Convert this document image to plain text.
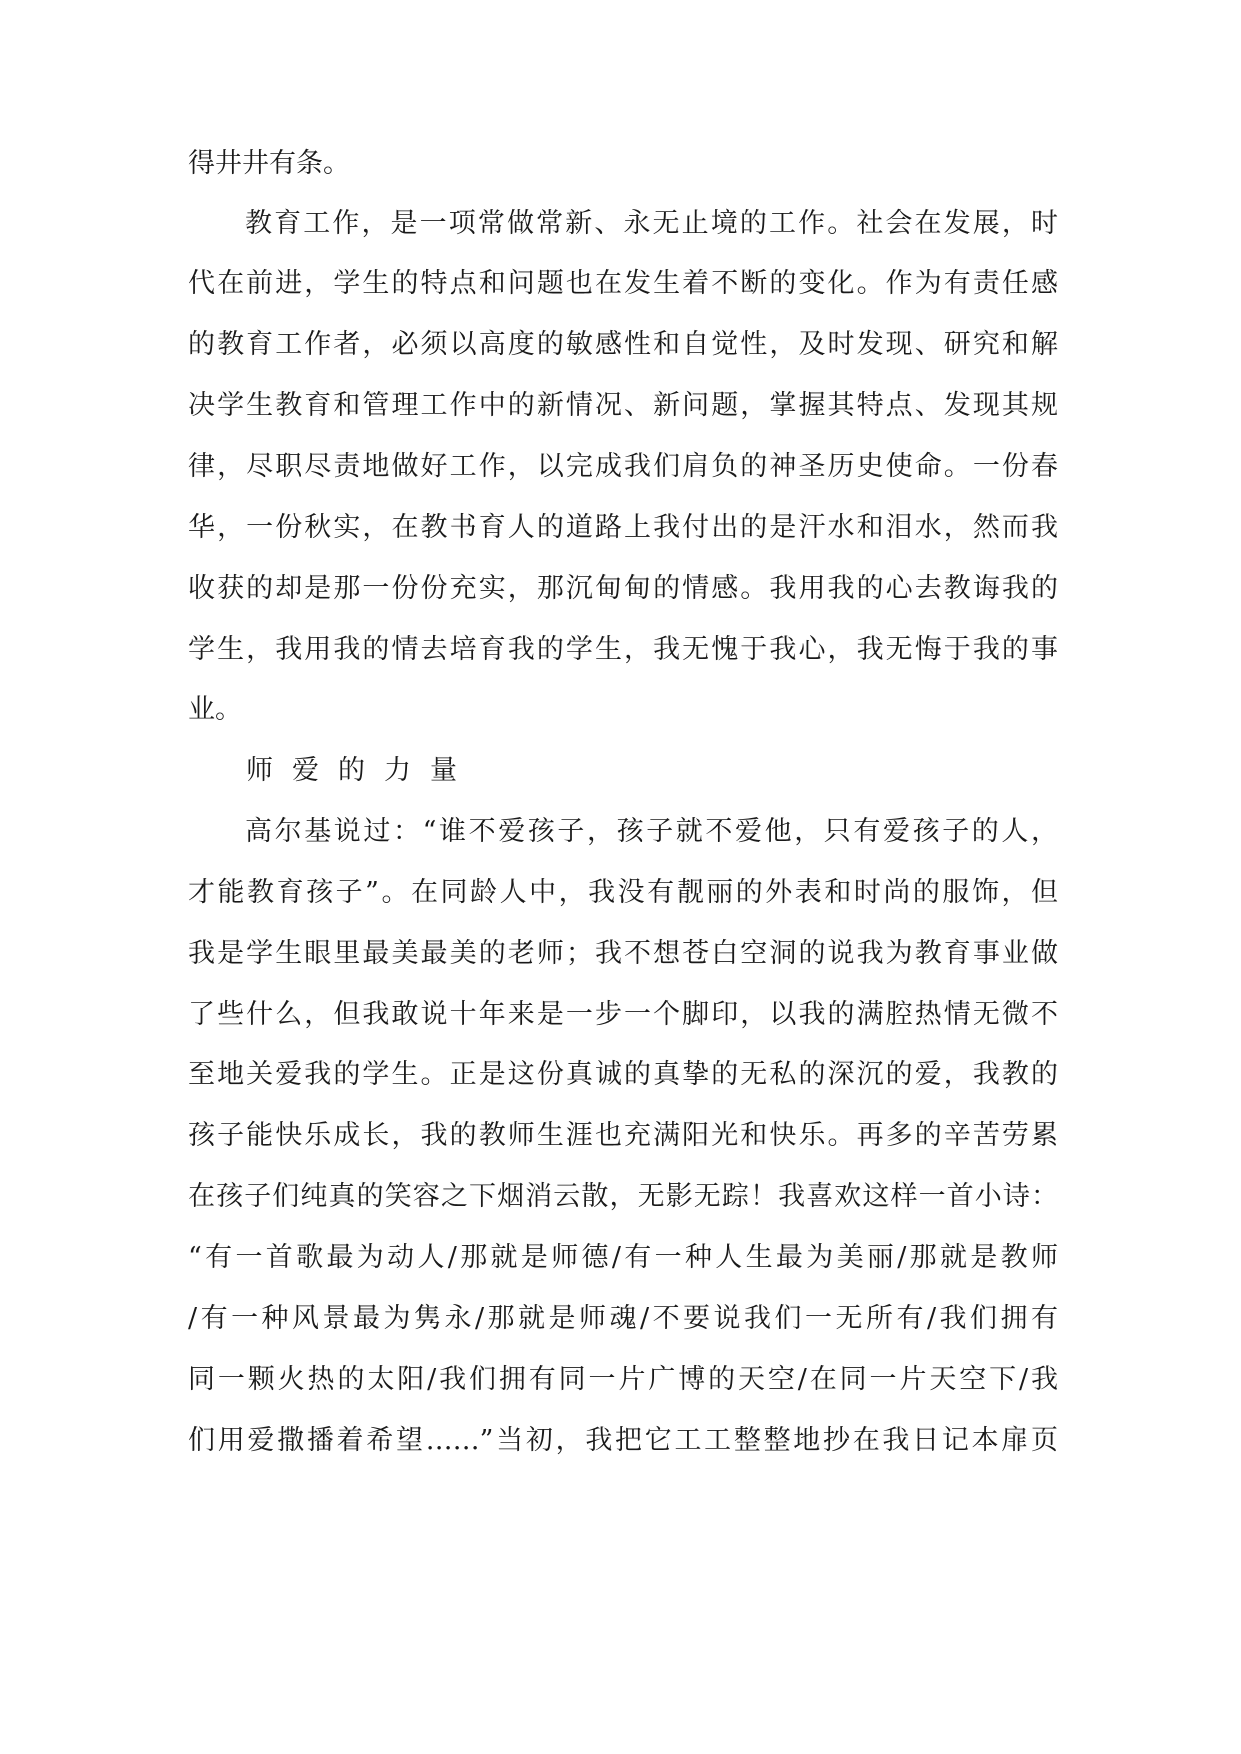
得井井有条。
教育工作，是一项常做常新、永无止境的工作。社会在发展，时
代在前进，学生的特点和问题也在发生着不断的变化。作为有责任感
的教育工作者，必须以高度的敏感性和自觉性，及时发现、研究和解
决学生教育和管理工作中的新情况、新问题，掌握其特点、发现其规
律，尽职尽责地做好工作，以完成我们肩负的神圣历史使命。一份春
华，一份秋实，在教书育人的道路上我付出的是汗水和泪水，然而我
收获的却是那一份份充实，那沉甸甸的情感。我用我的心去教诲我的
学生，我用我的情去培育我的学生，我无愧于我心，我无悔于我的事
业。
师爱的力量
高尔基说过：“谁不爱孩子，孩子就不爱他，只有爱孩子的人，
才能教育孩子”。在同龄人中，我没有靓丽的外表和时尚的服饰，但
我是学生眼里最美最美的老师；我不想苍白空洞的说我为教育事业做
了些什么，但我敢说十年来是一步一个脚印，以我的满腔热情无微不
至地关爱我的学生。正是这份真诚的真挚的无私的深沉的爱，我教的
孩子能快乐成长，我的教师生涯也充满阳光和快乐。再多的辛苦劳累
在孩子们纯真的笑容之下烟消云散，无影无踪！我喜欢这样一首小诗：
“有一首歌最为动人/那就是师德/有一种人生最为美丽/那就是教师
/有一种风景最为隽永/那就是师魂/不要说我们一无所有/我们拥有
同一颗火热的太阳/我们拥有同一片广博的天空/在同一片天空下/我
们用爱撒播着希望……”当初，我把它工工整整地抄在我日记本扉页
